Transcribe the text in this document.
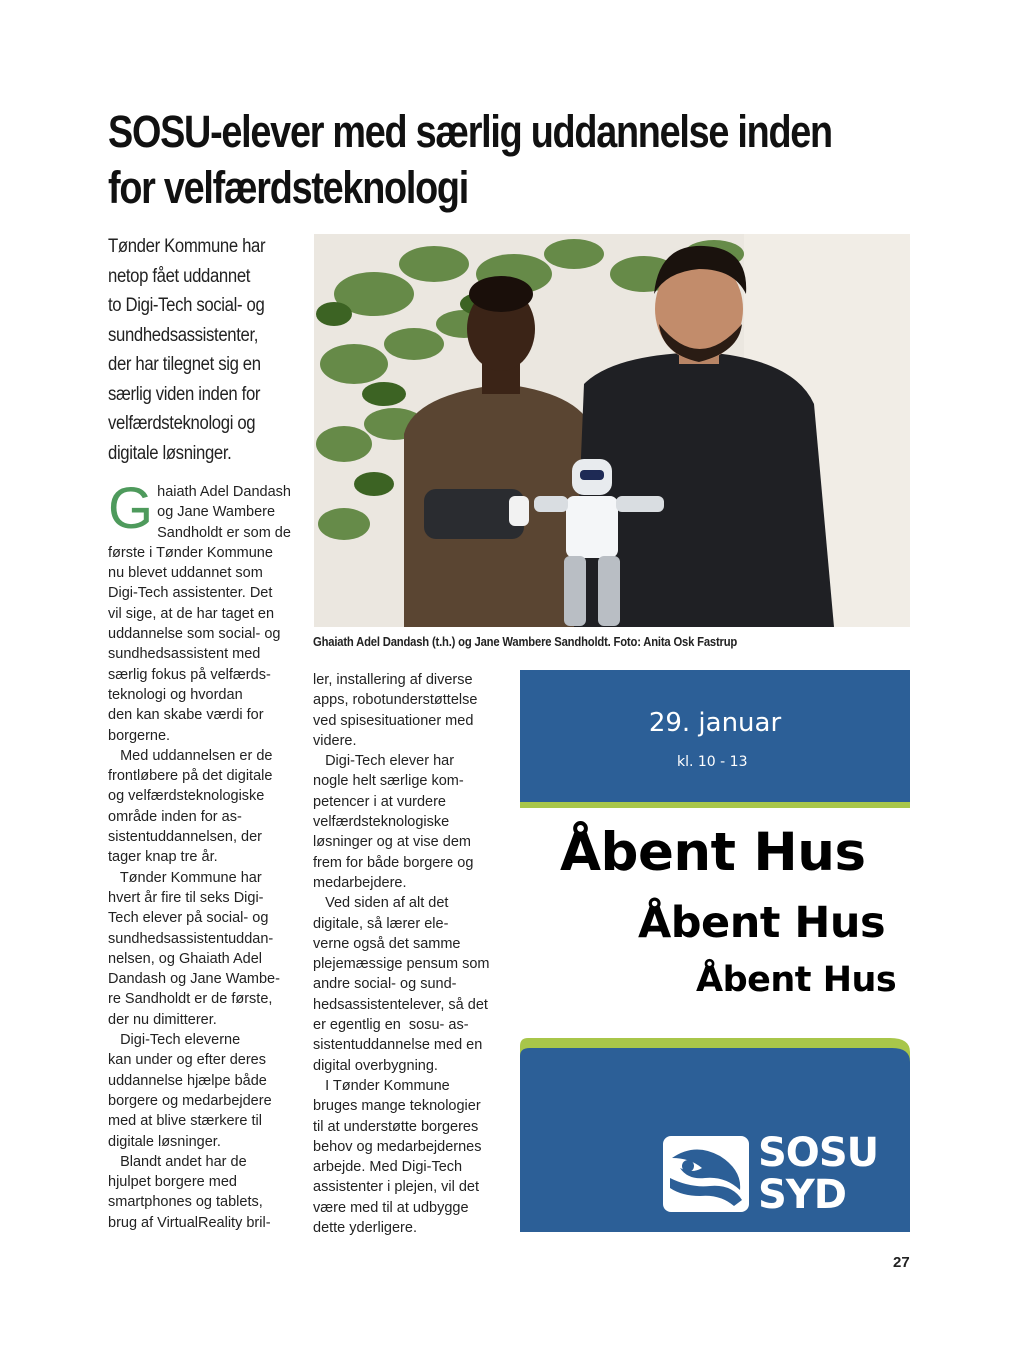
SOSU-elever med særlig uddannelse inden
for velfærdsteknologi
Tønder Kommune har
netop fået uddannet
to Digi-Tech social- og
sundhedsassistenter,
der har tilegnet sig en
særlig viden inden for
velfærdsteknologi og
digitale løsninger.
G haiath Adel Dandash
og Jane Wambere
Sandholdt er som de
første i Tønder Kommune
nu blevet uddannet som
Digi-Tech assistenter. Det
vil sige, at de har taget en
uddannelse som social- og
sundhedsassistent med
særlig fokus på velfærds-
teknologi og hvordan
den kan skabe værdi for
borgerne.
Med uddannelsen er de
frontløbere på det digitale
og velfærdsteknologiske
område inden for as-
sistentuddannelsen, der
tager knap tre år.
Tønder Kommune har
hvert år fire til seks Digi-
Tech elever på social- og
sundhedsassistentuddan-
nelsen, og Ghaiath Adel
Dandash og Jane Wambe-
re Sandholdt er de første,
der nu dimitterer.
Digi-Tech eleverne
kan under og efter deres
uddannelse hjælpe både
borgere og medarbejdere
med at blive stærkere til
digitale løsninger.
Blandt andet har de
hjulpet borgere med
smartphones og tablets,
brug af VirtualReality bril-
ler, installering af diverse
apps, robotunderstøttelse
ved spisesituationer med
videre.
Digi-Tech elever har
nogle helt særlige kom-
petencer i at vurdere
velfærdsteknologiske
løsninger og at vise dem
frem for både borgere og
medarbejdere.
Ved siden af alt det
digitale, så lærer ele-
verne også det samme
plejemæssige pensum som
andre social- og sund-
hedsassistentelever, så det
er egentlig en  sosu- as-
sistentuddannelse med en
digital overbygning.
I Tønder Kommune
bruges mange teknologier
til at understøtte borgeres
behov og medarbejdernes
arbejde. Med Digi-Tech
assistenter i plejen, vil det
være med til at udbygge
dette yderligere.
Ghaiath Adel Dandash (t.h.) og Jane Wambere Sandholdt. Foto: Anita Osk Fastrup
29. januar
kl. 10 - 13
Åbent Hus
Åbent Hus
Åbent Hus
SOSU
SYD
27
